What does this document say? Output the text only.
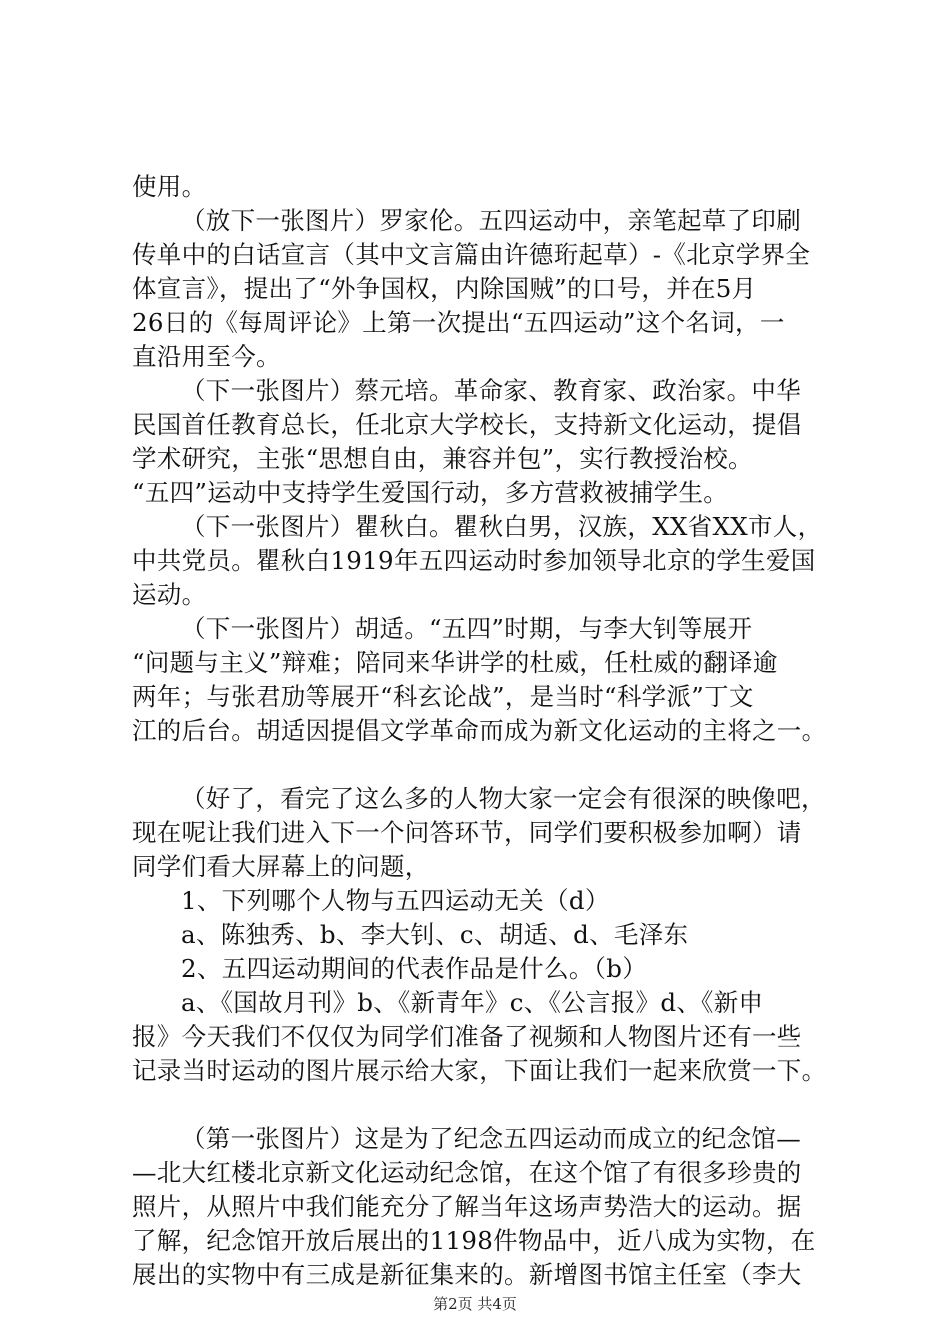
使用。
（放下一张图片）罗家伦。五四运动中，亲笔起草了印刷
传单中的白话宣言（其中文言篇由许德珩起草）-《北京学界全
体宣言》，提出了“外争国权，内除国贼”的口号，并在5月
26日的《每周评论》上第一次提出“五四运动”这个名词，一
直沿用至今。
（下一张图片）蔡元培。革命家、教育家、政治家。中华
民国首任教育总长，任北京大学校长，支持新文化运动，提倡
学术研究，主张“思想自由，兼容并包”，实行教授治校。
“五四”运动中支持学生爱国行动，多方营救被捕学生。
（下一张图片）瞿秋白。瞿秋白男，汉族，XX省XX市人，
中共党员。瞿秋白1919年五四运动时参加领导北京的学生爱国
运动。
（下一张图片）胡适。“五四”时期，与李大钊等展开
“问题与主义”辩难；陪同来华讲学的杜威，任杜威的翻译逾
两年；与张君劢等展开“科玄论战”，是当时“科学派”丁文
江的后台。胡适因提倡文学革命而成为新文化运动的主将之一。
（好了，看完了这么多的人物大家一定会有很深的映像吧，
现在呢让我们进入下一个问答环节，同学们要积极参加啊）请
同学们看大屏幕上的问题，
1、下列哪个人物与五四运动无关（d）
a、陈独秀、b、李大钊、c、胡适、d、毛泽东
2、五四运动期间的代表作品是什么。（b）
a、《国故月刊》b、《新青年》c、《公言报》d、《新申
报》今天我们不仅仅为同学们准备了视频和人物图片还有一些
记录当时运动的图片展示给大家，下面让我们一起来欣赏一下。
（第一张图片）这是为了纪念五四运动而成立的纪念馆—
—北大红楼北京新文化运动纪念馆，在这个馆了有很多珍贵的
照片，从照片中我们能充分了解当年这场声势浩大的运动。据
了解，纪念馆开放后展出的1198件物品中，近八成为实物，在
展出的实物中有三成是新征集来的。新增图书馆主任室（李大
第2页 共4页
